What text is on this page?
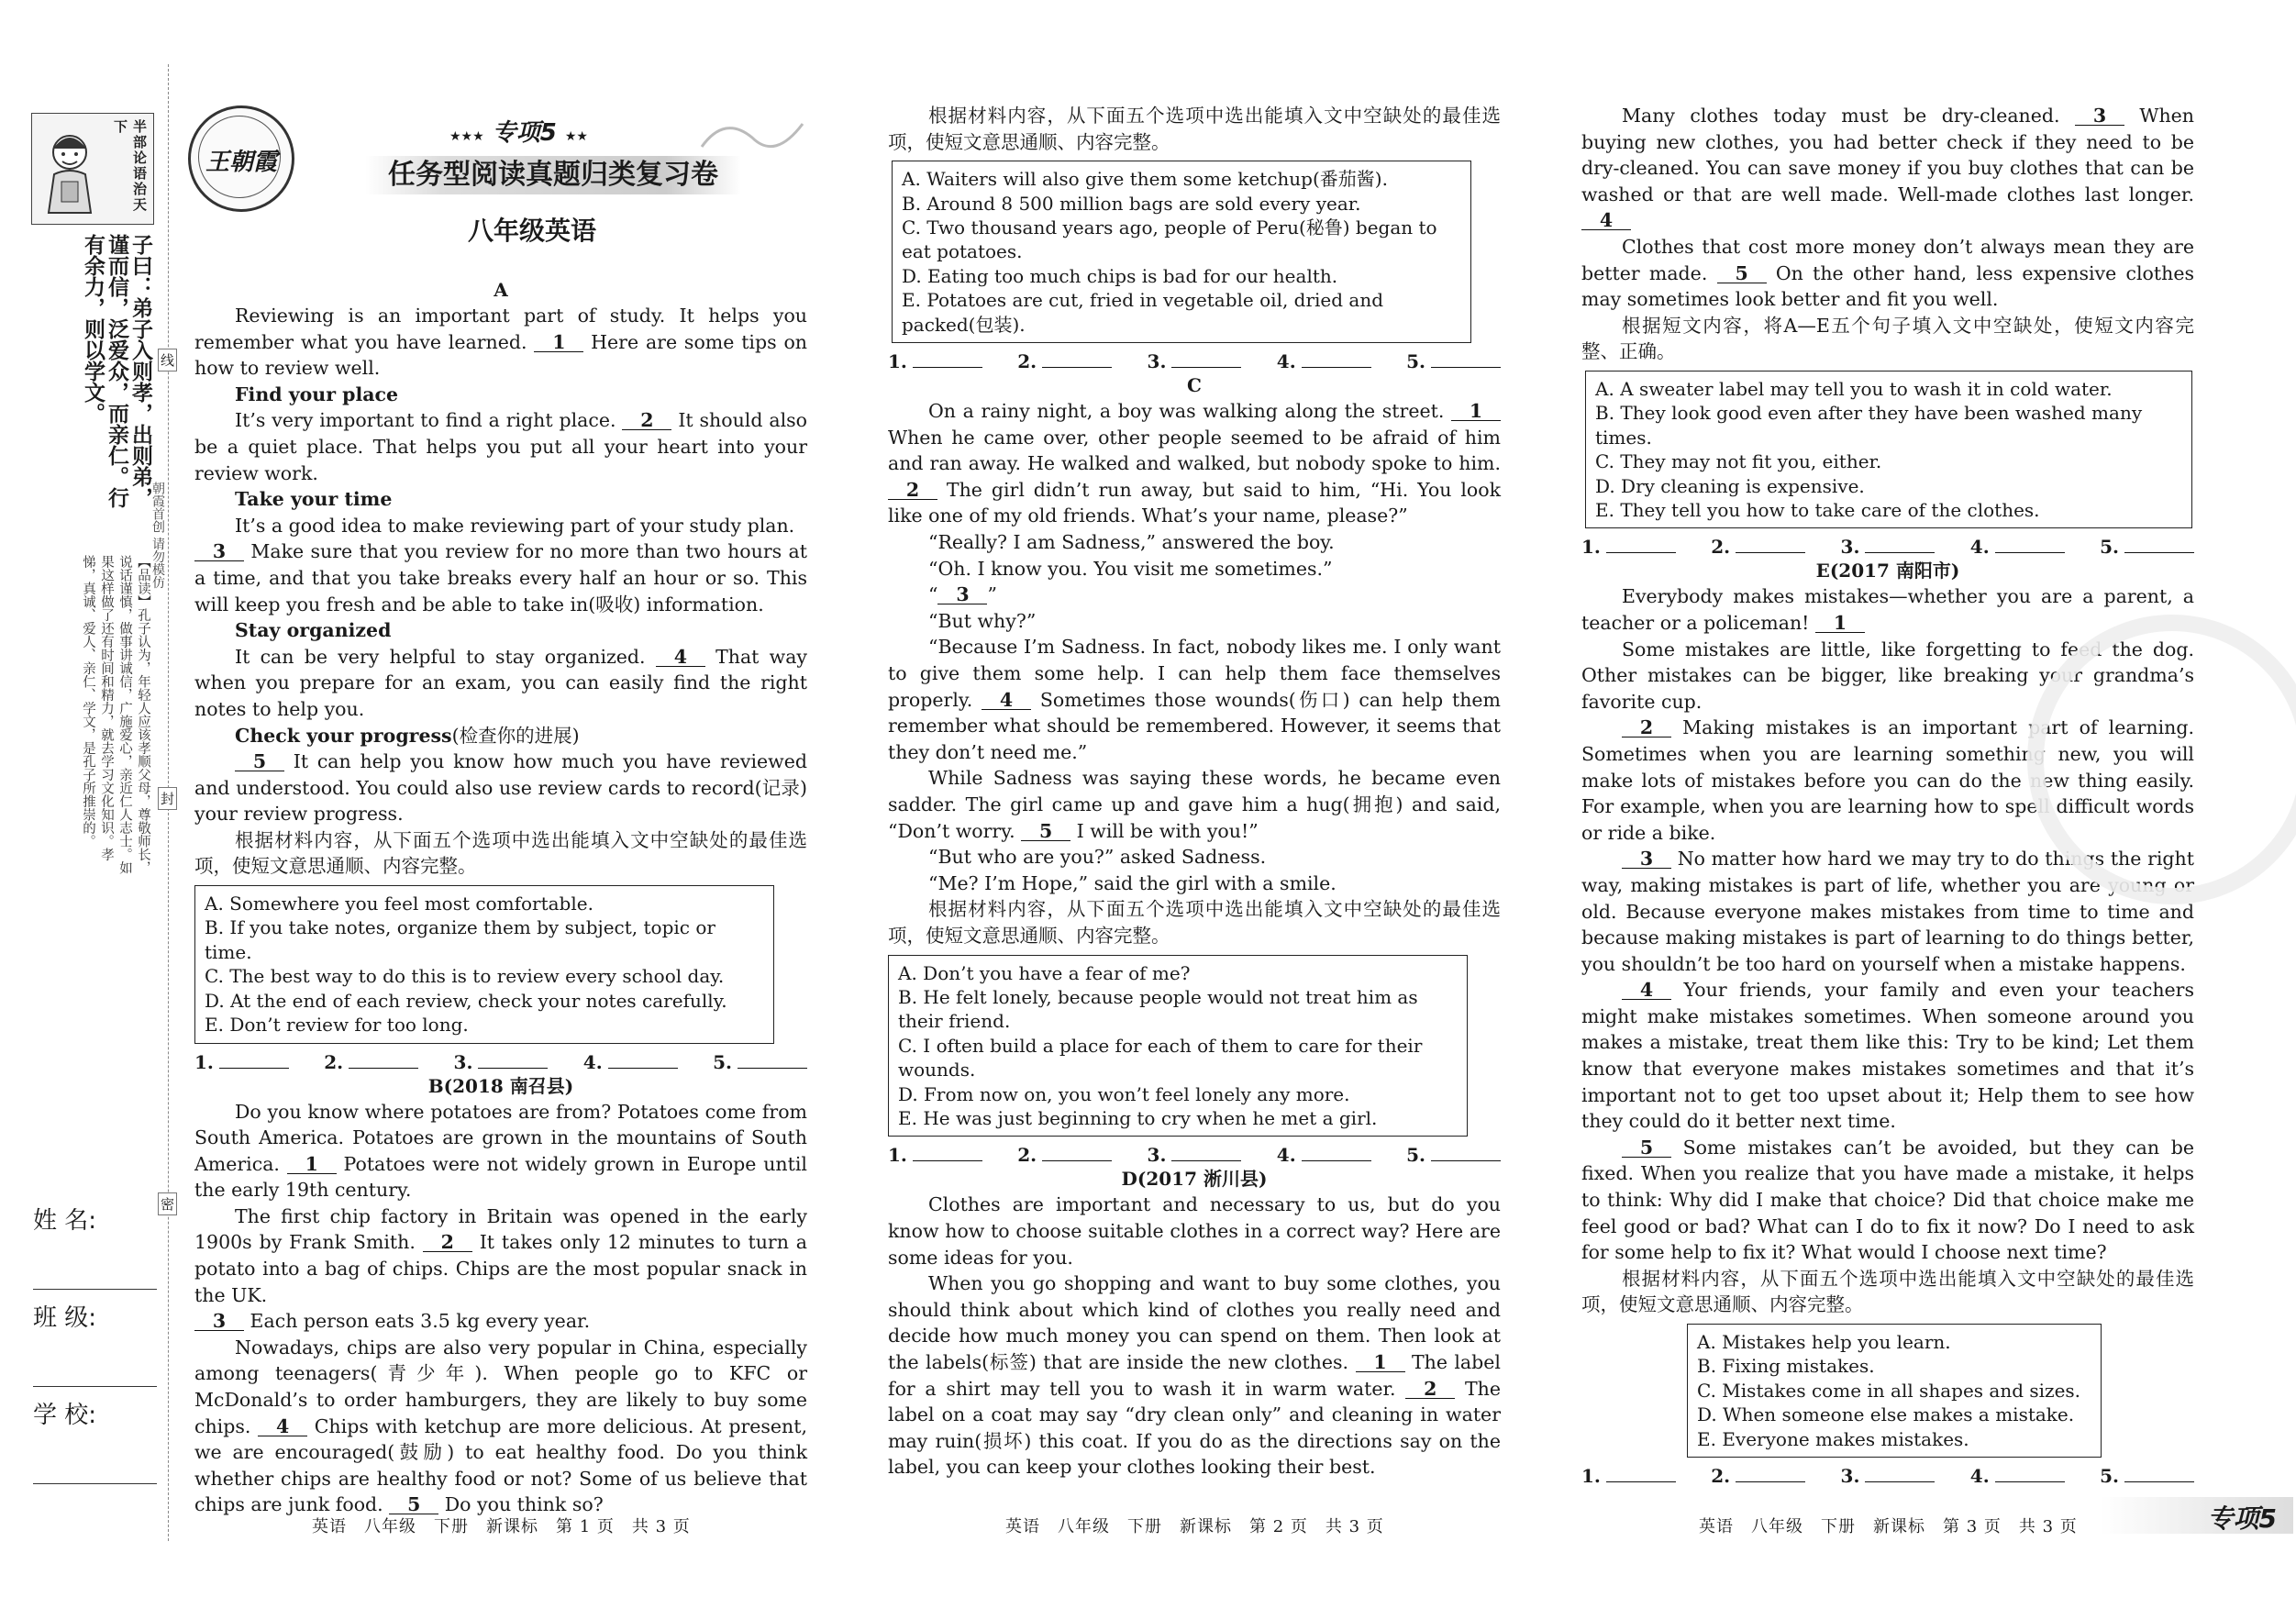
半部论语治天下
子曰：弟子入则孝，出则弟，谨而信，泛爱众，而亲仁。行有余力，则以学文。
【品读】孔子认为，年轻人应该孝顺父母，尊敬师长，说话谨慎，做事讲诚信，广施爱心，亲近仁人志士。如果这样做了还有时间和精力，就去学习文化知识。孝悌，真诚、爱人、亲仁、学文，是孔子所推崇的。
朝霞首创 请勿模仿
线
封
密
姓 名:
班 级:
学 校:
王朝霞
★★★ 专项5 ★★
任务型阅读真题归类复习卷
八年级英语
A

Reviewing is an important part of study. It helps you remember what you have learned. 1 Here are some tips on how to review well.

Find your place

It’s very important to find a right place. 2 It should also be a quiet place. That helps you put all your heart into your review work.

Take your time

It’s a good idea to make reviewing part of your study plan.

3 Make sure that you review for no more than two hours at a time, and that you take breaks every half an hour or so. This will keep you fresh and be able to take in(吸收) information.

Stay organized

It can be very helpful to stay organized. 4 That way when you prepare for an exam, you can easily find the right notes to help you.

Check your progress(检查你的进展)

5 It can help you know how much you have reviewed and understood. You could also use review cards to record(记录) your review progress.

根据材料内容，从下面五个选项中选出能填入文中空缺处的最佳选项，使短文意思通顺、内容完整。

A. Somewhere you feel most comfortable.
B. If you take notes, organize them by subject, topic or time.
C. The best way to do this is to review every school day.
D. At the end of each review, check your notes carefully.
E. Don’t review for too long.
1.	2.	3.	4.	5.
B(2018 南召县)

Do you know where potatoes are from? Potatoes come from South America. Potatoes are grown in the mountains of South America. 1 Potatoes were not widely grown in Europe until the early 19th century.

The first chip factory in Britain was opened in the early 1900s by Frank Smith. 2 It takes only 12 minutes to turn a potato into a bag of chips. Chips are the most popular snack in the UK.

3 Each person eats 3.5 kg every year.

Nowadays, chips are also very popular in China, especially among teenagers(青少年). When people go to KFC or McDonald’s to order hamburgers, they are likely to buy some chips. 4 Chips with ketchup are more delicious. At present, we are encouraged(鼓励) to eat healthy food. Do you think whether chips are healthy food or not? Some of us believe that chips are junk food. 5 Do you think so?

根据材料内容，从下面五个选项中选出能填入文中空缺处的最佳选项，使短文意思通顺、内容完整。

A. Waiters will also give them some ketchup(番茄酱).
B. Around 8 500 million bags are sold every year.
C. Two thousand years ago, people of Peru(秘鲁) began to eat potatoes.
D. Eating too much chips is bad for our health.
E. Potatoes are cut, fried in vegetable oil, dried and packed(包装).
1.	2.	3.	4.	5.
C

On a rainy night, a boy was walking along the street. 1 When he came over, other people seemed to be afraid of him and ran away. He walked and walked, but nobody spoke to him. 2 The girl didn’t run away, but said to him, “Hi. You look like one of my old friends. What’s your name, please?”

“Really? I am Sadness,” answered the boy.

“Oh. I know you. You visit me sometimes.”

“ 3 ”

“But why?”

“Because I’m Sadness. In fact, nobody likes me. I only want to give them some help. I can help them face themselves properly. 4 Sometimes those wounds(伤口) can help them remember what should be remembered. However, it seems that they don’t need me.”

While Sadness was saying these words, he became even sadder. The girl came up and gave him a hug(拥抱) and said, “Don’t worry. 5 I will be with you!”

“But who are you?” asked Sadness.

“Me? I’m Hope,” said the girl with a smile.

根据材料内容，从下面五个选项中选出能填入文中空缺处的最佳选项，使短文意思通顺、内容完整。

A. Don’t you have a fear of me?
B. He felt lonely, because people would not treat him as their friend.
C. I often build a place for each of them to care for their wounds.
D. From now on, you won’t feel lonely any more.
E. He was just beginning to cry when he met a girl.
1.	2.	3.	4.	5.
D(2017 淅川县)

Clothes are important and necessary to us, but do you know how to choose suitable clothes in a correct way? Here are some ideas for you.

When you go shopping and want to buy some clothes, you should think about which kind of clothes you really need and decide how much money you can spend on them. Then look at the labels(标签) that are inside the new clothes. 1 The label for a shirt may tell you to wash it in warm water. 2 The label on a coat may say “dry clean only” and cleaning in water may ruin(损坏) this coat. If you do as the directions say on the label, you can keep your clothes looking their best.

Many clothes today must be dry-cleaned. 3 When buying new clothes, you had better check if they need to be dry-cleaned. You can save money if you buy clothes that can be washed or that are well made. Well-made clothes last longer. 4

Clothes that cost more money don’t always mean they are better made. 5 On the other hand, less expensive clothes may sometimes look better and fit you well.

根据短文内容，将A—E五个句子填入文中空缺处，使短文内容完整、正确。

A. A sweater label may tell you to wash it in cold water.
B. They look good even after they have been washed many times.
C. They may not fit you, either.
D. Dry cleaning is expensive.
E. They tell you how to take care of the clothes.
1.	2.	3.	4.	5.
E(2017 南阳市)

Everybody makes mistakes—whether you are a parent, a teacher or a policeman! 1

Some mistakes are little, like forgetting to feed the dog. Other mistakes can be bigger, like breaking your grandma’s favorite cup.

2 Making mistakes is an important part of learning. Sometimes when you are learning something new, you will make lots of mistakes before you can do the new thing easily. For example, when you are learning how to spell difficult words or ride a bike.

3 No matter how hard we may try to do things the right way, making mistakes is part of life, whether you are young or old. Because everyone makes mistakes from time to time and because making mistakes is part of learning to do things better, you shouldn’t be too hard on yourself when a mistake happens.

4 Your friends, your family and even your teachers might make mistakes sometimes. When someone around you makes a mistake, treat them like this: Try to be kind; Let them know that everyone makes mistakes sometimes and that it’s important not to get too upset about it; Help them to see how they could do it better next time.

5 Some mistakes can’t be avoided, but they can be fixed. When you realize that you have made a mistake, it helps to think: Why did I make that choice? Did that choice make me feel good or bad? What can I do to fix it now? Do I need to ask for some help to fix it? What would I choose next time?

根据材料内容，从下面五个选项中选出能填入文中空缺处的最佳选项，使短文意思通顺、内容完整。

A. Mistakes help you learn.
B. Fixing mistakes.
C. Mistakes come in all shapes and sizes.
D. When someone else makes a mistake.
E. Everyone makes mistakes.
1.	2.	3.	4.	5.
英语　八年级　下册　新课标　第 1 页　共 3 页	英语　八年级　下册　新课标　第 2 页　共 3 页	英语　八年级　下册　新课标　第 3 页　共 3 页	专项5
